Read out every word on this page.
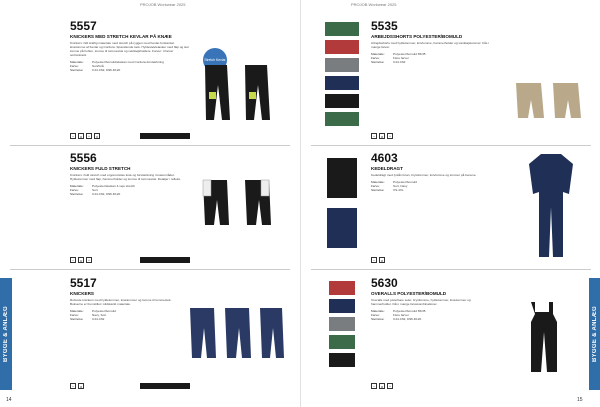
PROJOB Workwear 2025
5557
KNICKERS MED STRETCH KEVLAR PÅ KNÆE
Knickers i lidt kraftig materiale med stretch på ryggen med Kevlar-forstærket knælomme af Kevlar og Cordura. Spændende look. Hyldestøvletasker med flap og stor lomme på hoften, lomme til tommestok og værktøjsholdere. Farver: 4 farver sort/antracit.
Materiale:	Polyester/bomuld/elastan med Cordura-forstærkning
Farve:	Sort/Grå
Størrelse:	C44-C62, D96-D120
Stretch Kevlar
~	o	^	x
5556
KNICKERS FULD STRETCH
Knickers i fuld stretch med ergonomiske knæ og forstærkning i knæområdet. Hyldelommer med flap, hammerholder og lomme til tommestok. Detaljer i refleks.
Materiale:	Polyester/elastan 4-vejs stretch
Farve:	Sort
Størrelse:	C44-C62, D96-D120
~	o	^
5517
KNICKERS
Robuste knickers med hyldelommer, knælommer og lomme til tommestok. Bukserne er fremstillet i slidstærkt materiale.
Materiale:	Polyester/bomuld
Farve:	Navy, Sort
Størrelse:	C44-C62
~	o
BYGGE & ANLÆG
14
PROJOB Workwear 2025
5535
ARBEJDSSHORTS POLYESTER/BOMULD
Arbejdsshorts med hyldelommer, knivlomme, hammerholder og værktøjslommer. Fås i mange farver.
Materiale:	Polyester/bomuld 65/35
Farve:	Flere farver
Størrelse:	C44-C62
~	o	^
4603
KEDELDRAGT
Kedeldragt med lynlås foran, brystlommer, knivlomme og lommer på benene.
Materiale:	Polyester/bomuld
Farve:	Sort, Navy
Størrelse:	XS-4XL
~	o
5630
OVERALLS POLYESTER/BOMULD
Overalls med justerbare seler, brystlomme, hyldelommer, knælommer og hammerholder. Fås i mange farvekombinationer.
Materiale:	Polyester/bomuld 65/35
Farve:	Flere farver
Størrelse:	C44-C62, D96-D120
~	o	^
BYGGE & ANLÆG
15
